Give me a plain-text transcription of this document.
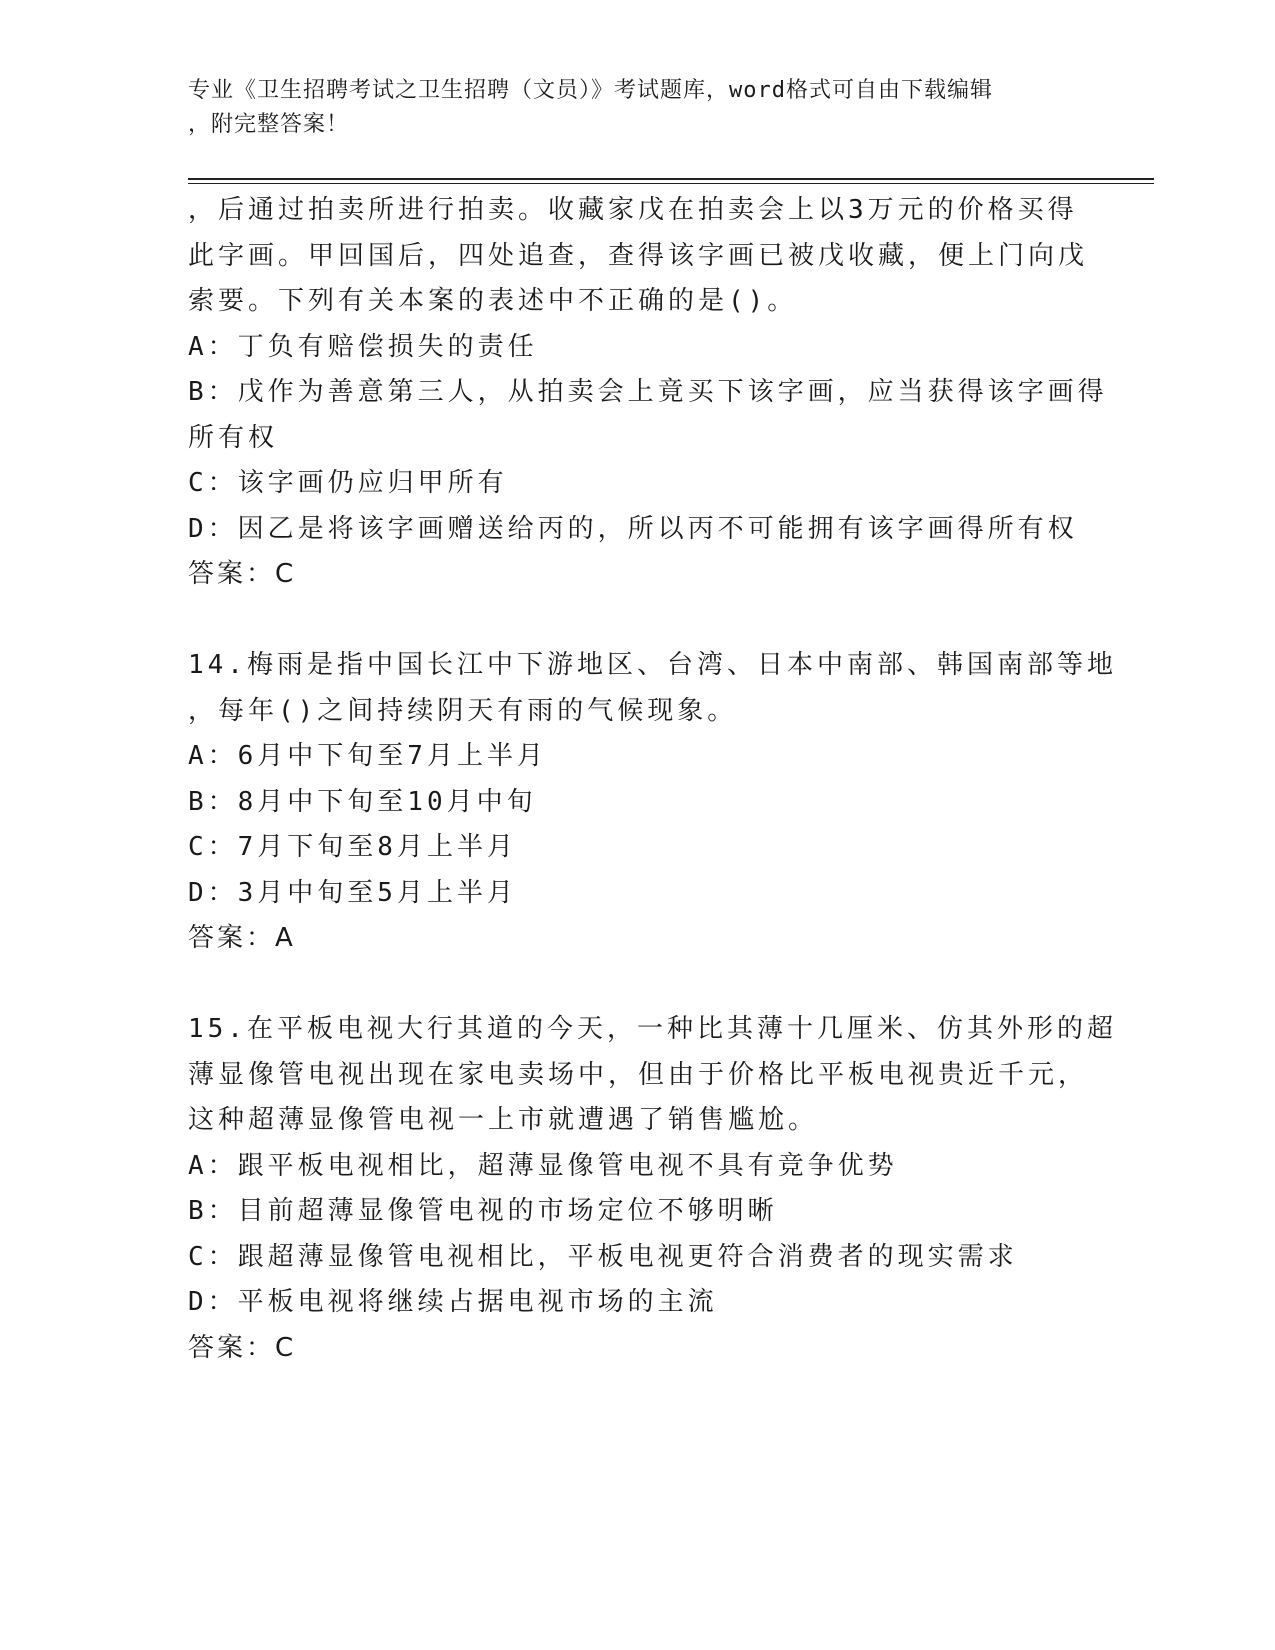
专业《卫生招聘考试之卫生招聘（文员）》考试题库，word格式可自由下载编辑
，附完整答案！
，后通过拍卖所进行拍卖。收藏家戊在拍卖会上以3万元的价格买得
此字画。甲回国后，四处追查，查得该字画已被戊收藏，便上门向戊
索要。下列有关本案的表述中不正确的是()。
A：丁负有赔偿损失的责任
B：戊作为善意第三人，从拍卖会上竟买下该字画，应当获得该字画得
所有权
C：该字画仍应归甲所有
D：因乙是将该字画赠送给丙的，所以丙不可能拥有该字画得所有权
答案：C
14.梅雨是指中国长江中下游地区、台湾、日本中南部、韩国南部等地
，每年()之间持续阴天有雨的气候现象。
A：6月中下旬至7月上半月
B：8月中下旬至10月中旬
C：7月下旬至8月上半月
D：3月中旬至5月上半月
答案：A
15.在平板电视大行其道的今天，一种比其薄十几厘米、仿其外形的超
薄显像管电视出现在家电卖场中，但由于价格比平板电视贵近千元，
这种超薄显像管电视一上市就遭遇了销售尴尬。
A：跟平板电视相比，超薄显像管电视不具有竞争优势
B：目前超薄显像管电视的市场定位不够明晰
C：跟超薄显像管电视相比，平板电视更符合消费者的现实需求
D：平板电视将继续占据电视市场的主流
答案：C
